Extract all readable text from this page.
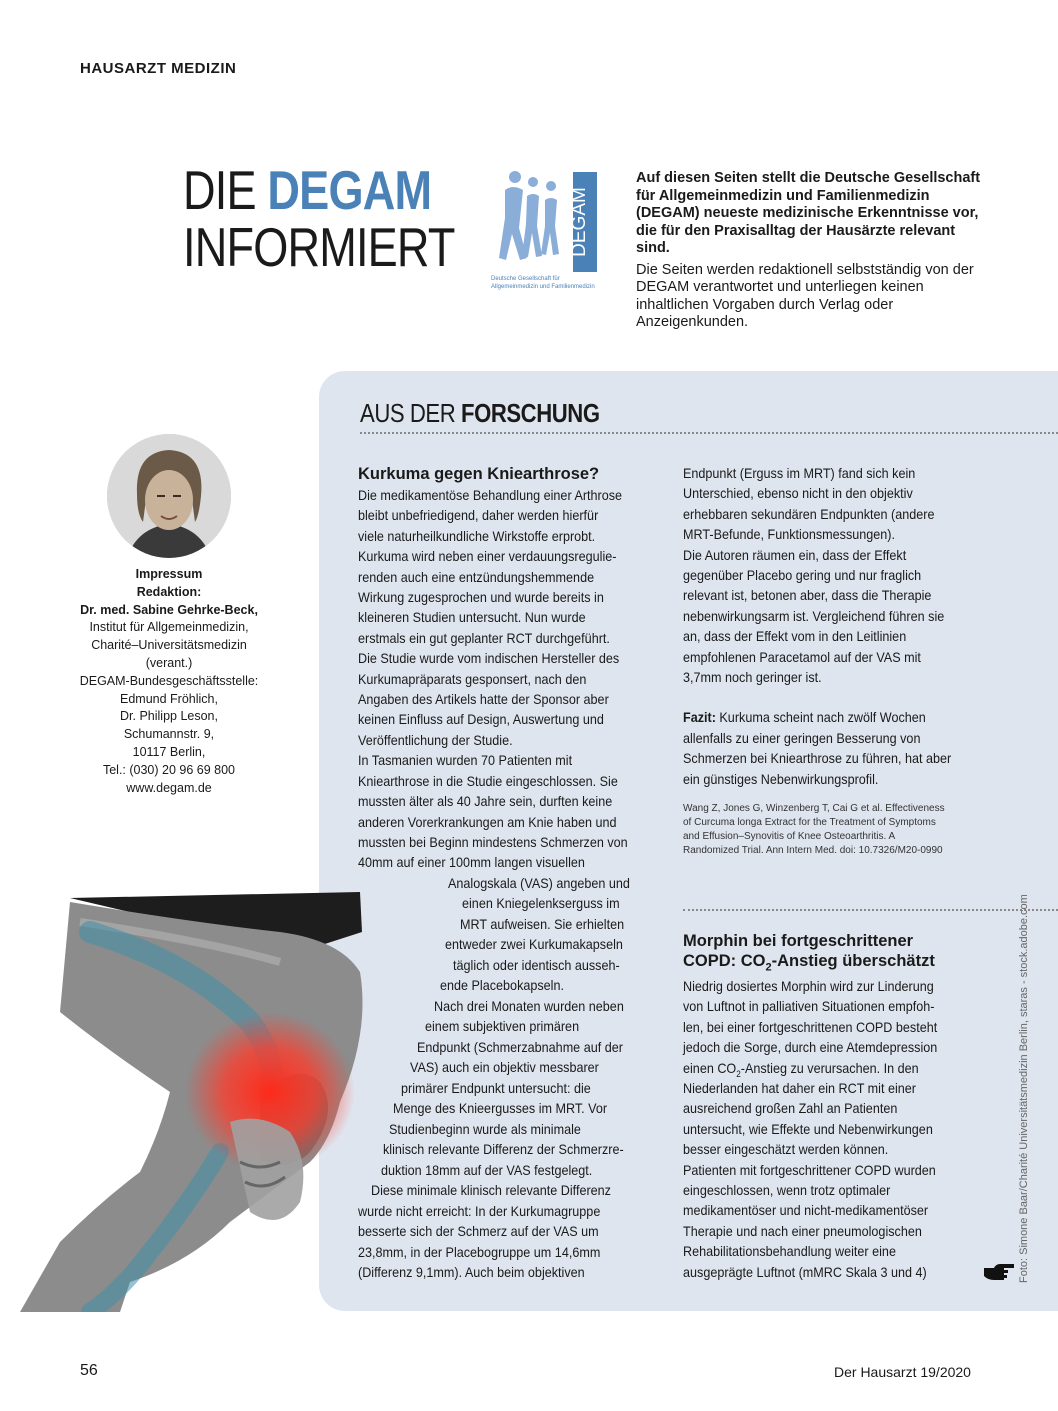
HAUSARZT MEDIZIN
DIE DEGAM
INFORMIERT	DEGAM
Deutsche Gesellschaft für
Allgemeinmedizin und Familienmedizin
Auf diesen Seiten stellt die Deutsche Gesellschaft für Allgemeinmedizin und Familienmedizin (DEGAM) neueste medizinische Erkenntnisse vor, die für den Praxisalltag der Hausärzte relevant sind.
Die Seiten werden redaktionell selbstständig von der DEGAM verantwortet und unterliegen keinen inhaltlichen Vorgaben durch Verlag oder Anzeigenkunden.
AUS DER FORSCHUNG
Impressum
Redaktion:
Dr. med. Sabine Gehrke-Beck,
Institut für Allgemeinmedizin,
Charité–Universitätsmedizin
(verant.)
DEGAM-Bundesgeschäftsstelle:
Edmund Fröhlich,
Dr. Philipp Leson,
Schumannstr. 9,
10117 Berlin,
Tel.: (030) 20 96 69 800
www.degam.de
Kurkuma gegen Kniearthrose?

Die medikamentöse Behandlung einer Arthrose

bleibt unbefriedigend, daher werden hierfür

viele naturheilkundliche Wirkstoffe erprobt.

Kurkuma wird neben einer verdauungsregulie-

renden auch eine entzündungshemmende

Wirkung zugesprochen und wurde bereits in

kleineren Studien untersucht. Nun wurde

erstmals ein gut geplanter RCT durchgeführt.

Die Studie wurde vom indischen Hersteller des

Kurkumapräparats gesponsert, nach den

Angaben des Artikels hatte der Sponsor aber

keinen Einfluss auf Design, Auswertung und

Veröffentlichung der Studie.

In Tasmanien wurden 70 Patienten mit

Kniearthrose in die Studie eingeschlossen. Sie

mussten älter als 40 Jahre sein, durften keine

anderen Vorerkrankungen am Knie haben und

mussten bei Beginn mindestens Schmerzen von

40mm auf einer 100mm langen visuellen

Analogskala (VAS) angeben und
einen Kniegelenkserguss im
MRT aufweisen. Sie erhielten
entweder zwei Kurkumakapseln
täglich oder identisch ausseh-
ende Placebokapseln.
Nach drei Monaten wurden neben
einem subjektiven primären
Endpunkt (Schmerzabnahme auf der
VAS) auch ein objektiv messbarer
primärer Endpunkt untersucht: die
Menge des Knieergusses im MRT. Vor
Studienbeginn wurde als minimale
klinisch relevante Differenz der Schmerzre-
duktion 18mm auf der VAS festgelegt.
Diese minimale klinisch relevante Differenz
wurde nicht erreicht: In der Kurkumagruppe
besserte sich der Schmerz auf der VAS um
23,8mm, in der Placebogruppe um 14,6mm
(Differenz 9,1mm). Auch beim objektiven

Endpunkt (Erguss im MRT) fand sich kein

Unterschied, ebenso nicht in den objektiv

erhebbaren sekundären Endpunkten (andere

MRT-Befunde, Funktionsmessungen).

Die Autoren räumen ein, dass der Effekt

gegenüber Placebo gering und nur fraglich

relevant ist, betonen aber, dass die Therapie

nebenwirkungsarm ist. Vergleichend führen sie

an, dass der Effekt vom in den Leitlinien

empfohlenen Paracetamol auf der VAS mit

3,7mm noch geringer ist.

Fazit: Kurkuma scheint nach zwölf Wochen

allenfalls zu einer geringen Besserung von

Schmerzen bei Kniearthrose zu führen, hat aber

ein günstiges Nebenwirkungsprofil.

Wang Z, Jones G, Winzenberg T, Cai G et al. Effectiveness
of Curcuma longa Extract for the Treatment of Symptoms
and Effusion–Synovitis of Knee Osteoarthritis. A
Randomized Trial. Ann Intern Med. doi: 10.7326/M20-0990
Morphin bei fortgeschrittener
COPD: $CO_2$-Anstieg überschätzt

Niedrig dosiertes Morphin wird zur Linderung

von Luftnot in palliativen Situationen empfoh-

len, bei einer fortgeschrittenen COPD besteht

jedoch die Sorge, durch eine Atemdepression

einen $CO_2$-Anstieg zu verursachen. In den

Niederlanden hat daher ein RCT mit einer

ausreichend großen Zahl an Patienten

untersucht, wie Effekte und Nebenwirkungen

besser eingeschätzt werden können.

Patienten mit fortgeschrittener COPD wurden

eingeschlossen, wenn trotz optimaler

medikamentöser und nicht-medikamentöser

Therapie und nach einer pneumologischen

Rehabilitationsbehandlung weiter eine

ausgeprägte Luftnot (mMRC Skala 3 und 4)	Foto: Simone Baar/Charité Universitätsmedizin Berlin, staras - stock.adobe.com
56	Der Hausarzt 19/2020
